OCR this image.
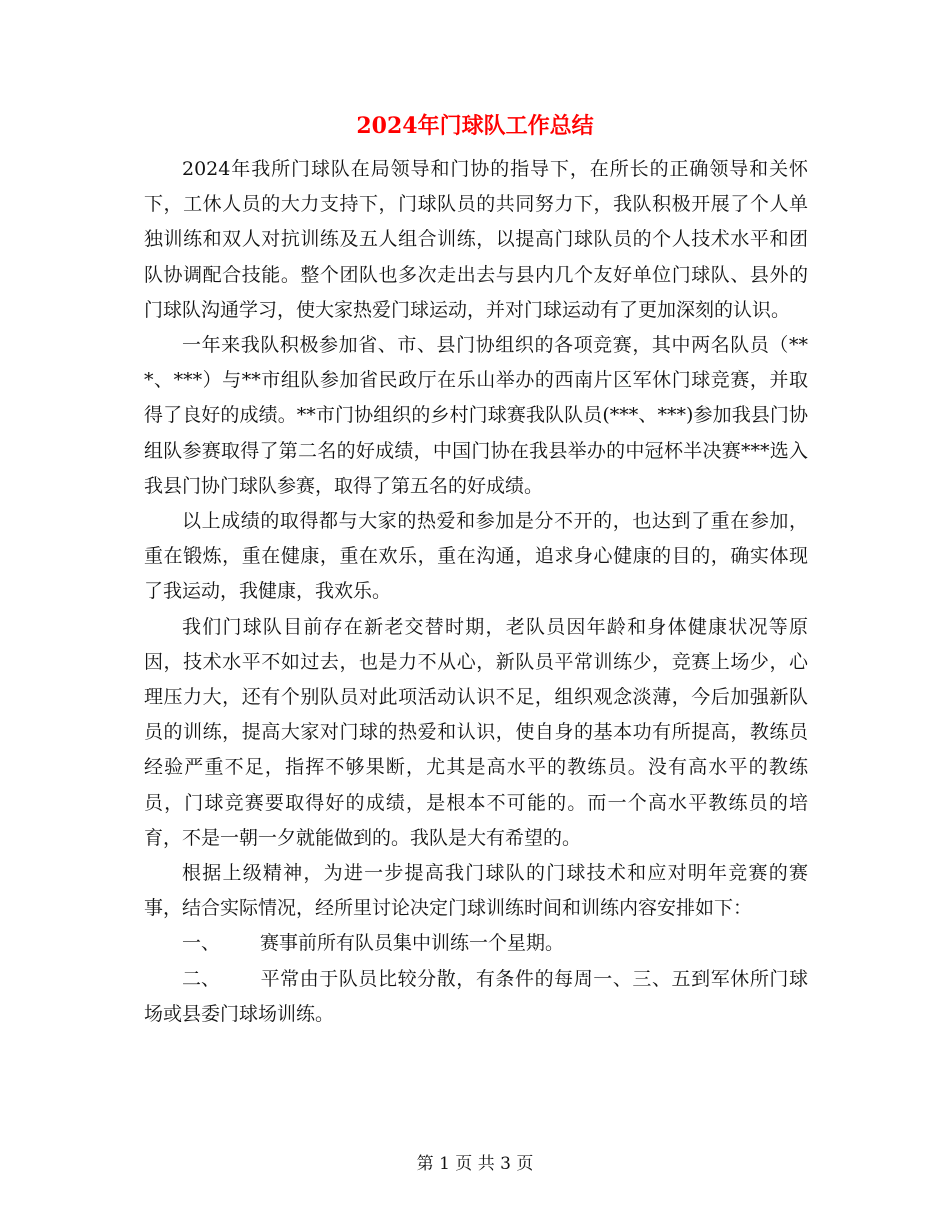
2024年门球队工作总结

2024年我所门球队在局领导和门协的指导下，在所长的正确领导和关怀下，工休人员的大力支持下，门球队员的共同努力下，我队积极开展了个人单独训练和双人对抗训练及五人组合训练，以提高门球队员的个人技术水平和团队协调配合技能。整个团队也多次走出去与县内几个友好单位门球队、县外的门球队沟通学习，使大家热爱门球运动，并对门球运动有了更加深刻的认识。

一年来我队积极参加省、市、县门协组织的各项竞赛，其中两名队员（***、***）与**市组队参加省民政厅在乐山举办的西南片区军休门球竞赛，并取得了良好的成绩。**市门协组织的乡村门球赛我队队员(***、***)参加我县门协组队参赛取得了第二名的好成绩，中国门协在我县举办的中冠杯半决赛***选入我县门协门球队参赛，取得了第五名的好成绩。

以上成绩的取得都与大家的热爱和参加是分不开的，也达到了重在参加，重在锻炼，重在健康，重在欢乐，重在沟通，追求身心健康的目的，确实体现了我运动，我健康，我欢乐。

我们门球队目前存在新老交替时期，老队员因年龄和身体健康状况等原因，技术水平不如过去，也是力不从心，新队员平常训练少，竞赛上场少，心理压力大，还有个别队员对此项活动认识不足，组织观念淡薄，今后加强新队员的训练，提高大家对门球的热爱和认识，使自身的基本功有所提高，教练员经验严重不足，指挥不够果断，尤其是高水平的教练员。没有高水平的教练员，门球竞赛要取得好的成绩，是根本不可能的。而一个高水平教练员的培育，不是一朝一夕就能做到的。我队是大有希望的。

根据上级精神，为进一步提高我门球队的门球技术和应对明年竞赛的赛事，结合实际情况，经所里讨论决定门球训练时间和训练内容安排如下：

一、 赛事前所有队员集中训练一个星期。

二、 平常由于队员比较分散，有条件的每周一、三、五到军休所门球场或县委门球场训练。

第 1 页 共 3 页
